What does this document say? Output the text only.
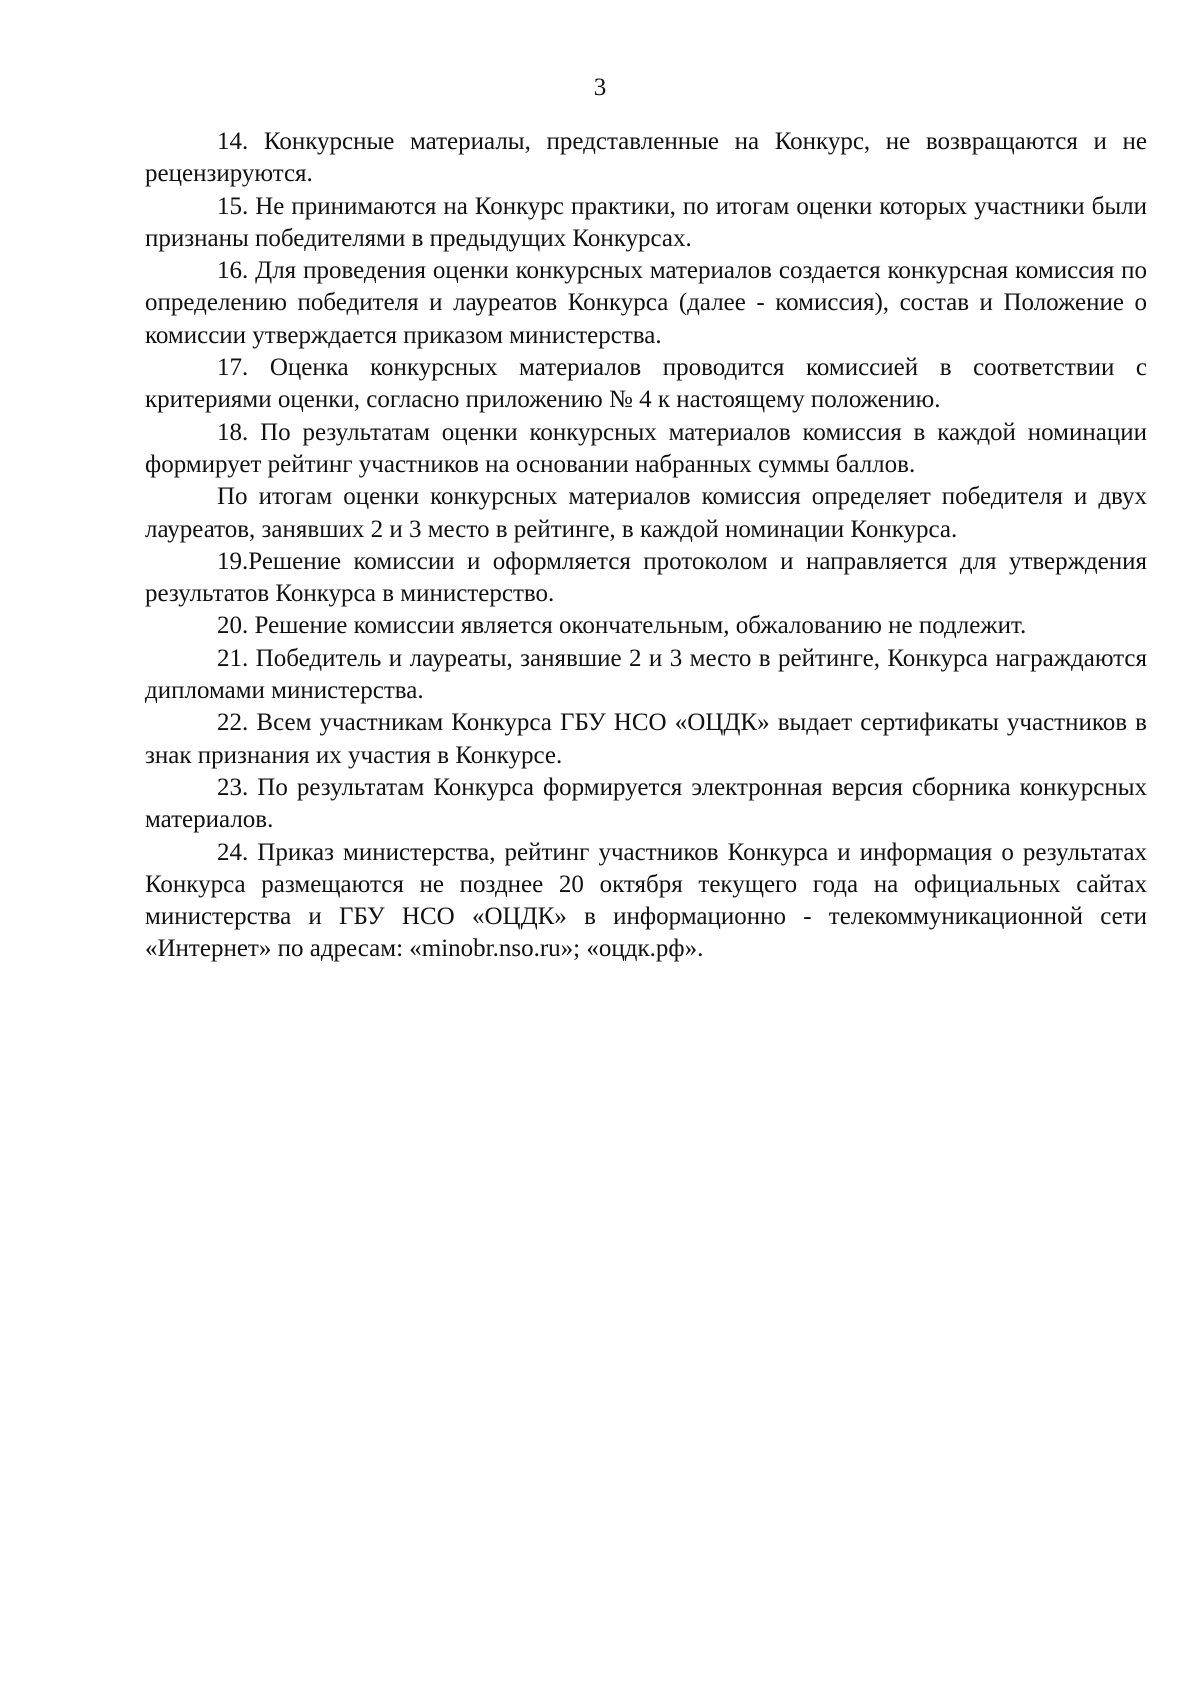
3

14. Конкурсные материалы, представленные на Конкурс, не возвращаются и не рецензируются.

15. Не принимаются на Конкурс практики, по итогам оценки которых участники были признаны победителями в предыдущих Конкурсах.

16. Для проведения оценки конкурсных материалов создается конкурсная комиссия по определению победителя и лауреатов Конкурса (далее - комиссия), состав и Положение о комиссии утверждается приказом министерства.

17. Оценка конкурсных материалов проводится комиссией в соответствии с критериями оценки, согласно приложению № 4 к настоящему положению.

18. По результатам оценки конкурсных материалов комиссия в каждой номинации формирует рейтинг участников на основании набранных суммы баллов.

По итогам оценки конкурсных материалов комиссия определяет победителя и двух лауреатов, занявших 2 и 3 место в рейтинге, в каждой номинации Конкурса.

19.Решение комиссии и оформляется протоколом и направляется для утверждения результатов Конкурса в министерство.

20. Решение комиссии является окончательным, обжалованию не подлежит.

21. Победитель и лауреаты, занявшие 2 и 3 место в рейтинге, Конкурса награждаются дипломами министерства.

22. Всем участникам Конкурса ГБУ НСО «ОЦДК» выдает сертификаты участников в знак признания их участия в Конкурсе.

23. По результатам Конкурса формируется электронная версия сборника конкурсных материалов.

24. Приказ министерства, рейтинг участников Конкурса и информация о результатах Конкурса размещаются не позднее 20 октября текущего года на официальных сайтах министерства и ГБУ НСО «ОЦДК» в информационно - телекоммуникационной сети «Интернет» по адресам: «minobr.nso.ru»; «оцдк.рф».
